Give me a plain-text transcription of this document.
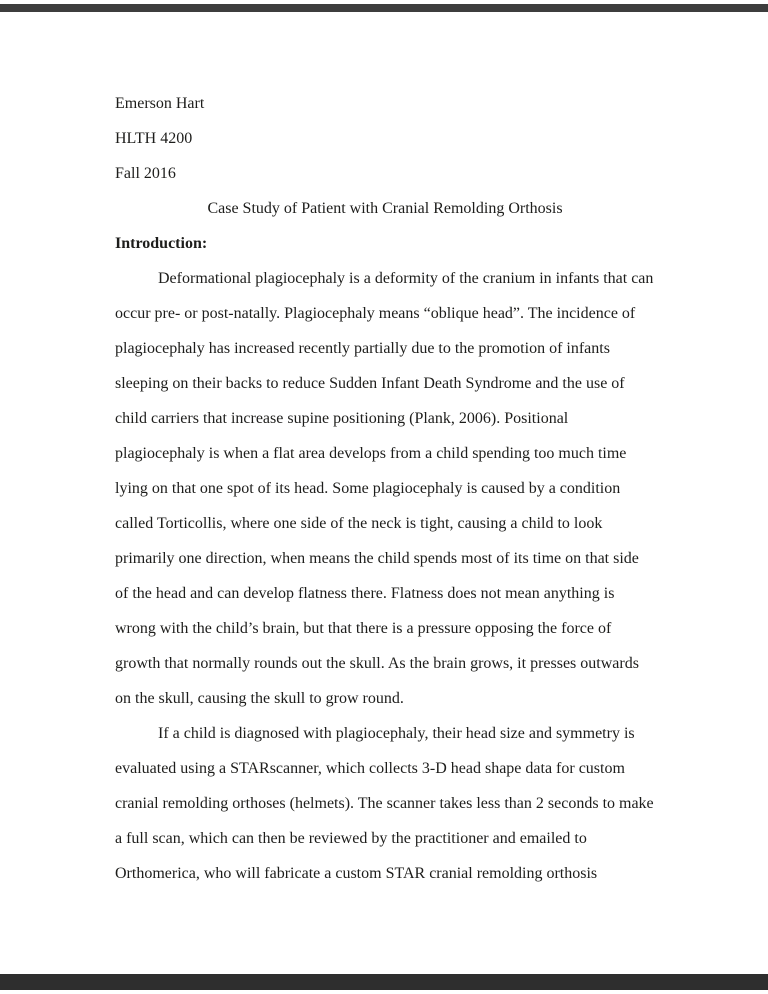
Emerson Hart

HLTH 4200

Fall 2016

Case Study of Patient with Cranial Remolding Orthosis

Introduction:

Deformational plagiocephaly is a deformity of the cranium in infants that can occur pre- or post-natally. Plagiocephaly means “oblique head”. The incidence of plagiocephaly has increased recently partially due to the promotion of infants sleeping on their backs to reduce Sudden Infant Death Syndrome and the use of child carriers that increase supine positioning (Plank, 2006). Positional plagiocephaly is when a flat area develops from a child spending too much time lying on that one spot of its head. Some plagiocephaly is caused by a condition called Torticollis, where one side of the neck is tight, causing a child to look primarily one direction, when means the child spends most of its time on that side of the head and can develop flatness there. Flatness does not mean anything is wrong with the child’s brain, but that there is a pressure opposing the force of growth that normally rounds out the skull. As the brain grows, it presses outwards on the skull, causing the skull to grow round.

If a child is diagnosed with plagiocephaly, their head size and symmetry is evaluated using a STARscanner, which collects 3-D head shape data for custom cranial remolding orthoses (helmets). The scanner takes less than 2 seconds to make a full scan, which can then be reviewed by the practitioner and emailed to Orthomerica, who will fabricate a custom STAR cranial remolding orthosis
